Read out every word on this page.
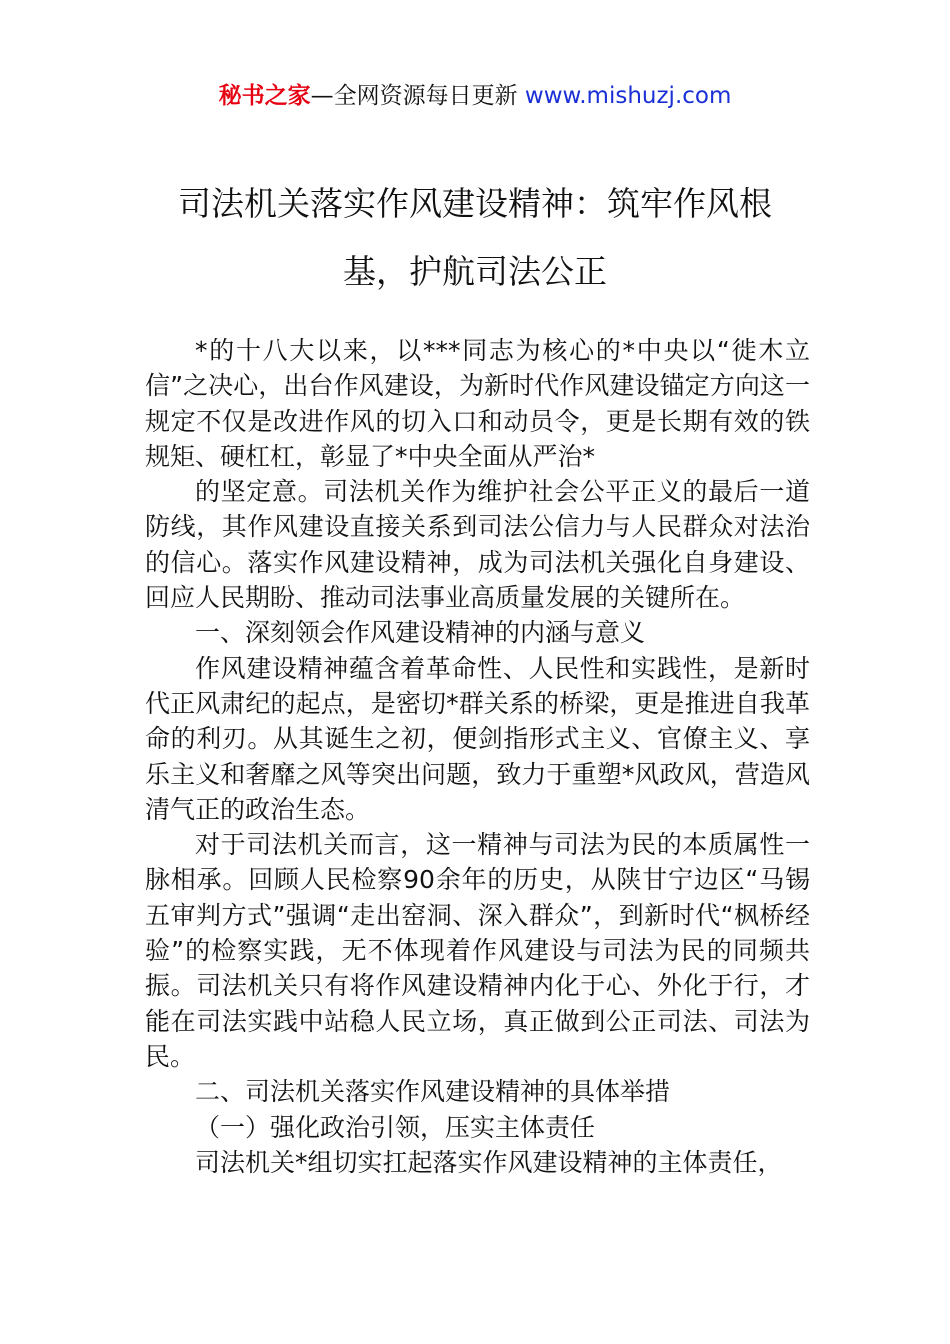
秘书之家—全网资源每日更新 www.mishuzj.com
司法机关落实作风建设精神：筑牢作风根
基，护航司法公正

*的十八大以来，以***同志为核心的*中央以“徙木立信”之决心，出台作风建设，为新时代作风建设锚定方向这一规定不仅是改进作风的切入口和动员令，更是长期有效的铁规矩、硬杠杠，彰显了*中央全面从严治*

的坚定意。司法机关作为维护社会公平正义的最后一道防线，其作风建设直接关系到司法公信力与人民群众对法治的信心。落实作风建设精神，成为司法机关强化自身建设、回应人民期盼、推动司法事业高质量发展的关键所在。

一、深刻领会作风建设精神的内涵与意义

作风建设精神蕴含着革命性、人民性和实践性，是新时代正风肃纪的起点，是密切*群关系的桥梁，更是推进自我革命的利刃。从其诞生之初，便剑指形式主义、官僚主义、享乐主义和奢靡之风等突出问题，致力于重塑*风政风，营造风清气正的政治生态。

对于司法机关而言，这一精神与司法为民的本质属性一脉相承。回顾人民检察90余年的历史，从陕甘宁边区“马锡五审判方式”强调“走出窑洞、深入群众”，到新时代“枫桥经验”的检察实践，无不体现着作风建设与司法为民的同频共振。司法机关只有将作风建设精神内化于心、外化于行，才能在司法实践中站稳人民立场，真正做到公正司法、司法为民。

二、司法机关落实作风建设精神的具体举措

（一）强化政治引领，压实主体责任

司法机关*组切实扛起落实作风建设精神的主体责任，
